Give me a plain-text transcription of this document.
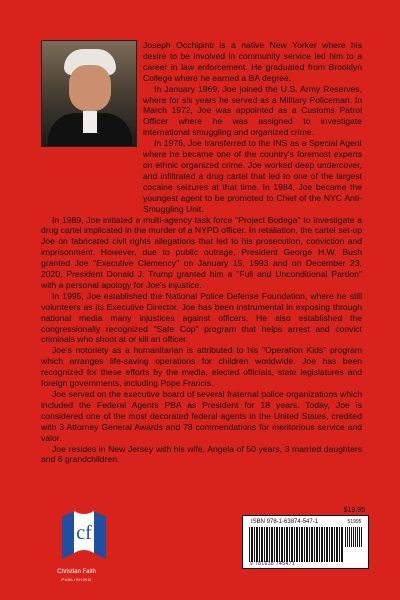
Joseph Occhipinti is a native New Yorker where his desire to be involved in community service led him to a career in law enforcement. He graduated from Brooklyn College where he earned a BA degree.

In January 1969, Joe joined the U.S. Army Reserves, where for six years he served as a Military Policeman. In March 1972, Joe was appointed as a Customs Patrol Officer where he was assigned to investigate international smuggling and organized crime.

In 1976, Joe transferred to the INS as a Special Agent where he became one of the country's foremost experts on ethnic organized crime. Joe worked deep undercover, and infiltrated a drug cartel that led to one of the largest cocaine seizures at that time. In 1984, Joe became the youngest agent to be promoted to Chief of the NYC Anti-Smuggling Unit.

In 1989, Joe initiated a multi-agency task force "Project Bodega" to investigate a drug cartel implicated in the murder of a NYPD officer. In retaliation, the cartel set-up Joe on fabricated civil rights allegations that led to his prosecution, conviction and imprisonment. However, due to public outrage, President George H.W. Bush granted Joe "Executive Clemency" on January 15, 1993 and on December 23, 2020, President Donald J. Trump granted him a "Full and Unconditional Pardon" with a personal apology for Joe's injustice.

In 1995, Joe established the National Police Defense Foundation, where he still volunteers as its Executive Director. Joe has been instrumental in exposing through national media many injustices against officers. He also established the congressionally recognized "Safe Cop" program that helps arrest and convict criminals who shoot at or kill an officer.

Joe's notoriety as a humanitarian is attributed to his "Operation Kids" program which arranges life-saving operations for children worldwide. Joe has been recognized for these efforts by the media, elected officials, state legislatures and foreign governments, including Pope Francis.

Joe served on the executive board of several fraternal police organizations which included the Federal Agents PBA as President for 18 years. Today, Joe is considered one of the most decorated federal agents in the United States, credited with 3 Attorney General Awards and 78 commendations for meritorious service and valor.

Joe resides in New Jersey with his wife, Angela of 50 years, 3 married daughters and 6 grandchildren.

$19.95
ISBN 978-1-63874-547-1	51995
9 781638 745471
cf
Christian Faith
PUBLISHING
